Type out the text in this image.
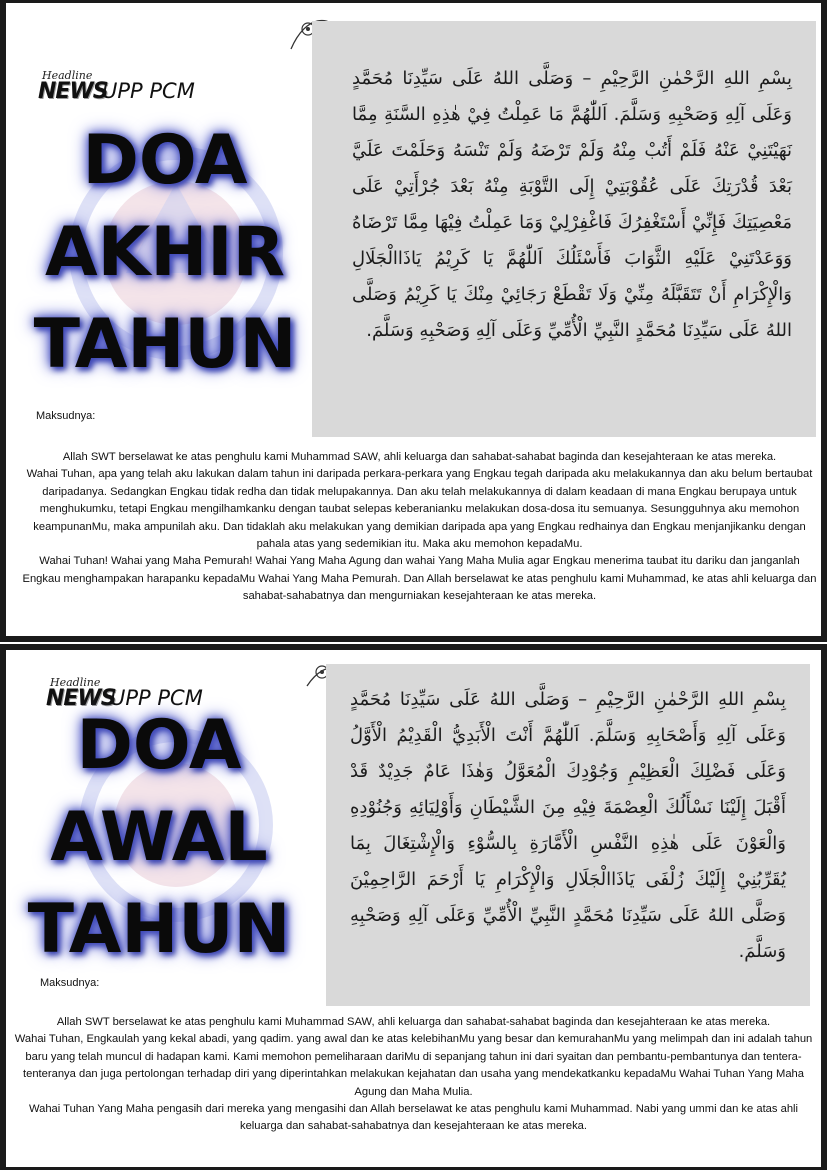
Headline
NEWS
UPP PCM
DOA
AKHIR
TAHUN
بِسْمِ اللهِ الرَّحْمٰنِ الرَّحِيْمِ – وَصَلَّى اللهُ عَلَى سَيِّدِنَا مُحَمَّدٍ وَعَلَى آلِهِ وَصَحْبِهِ وَسَلَّمَ. اَللّٰهُمَّ مَا عَمِلْتُ فِيْ هٰذِهِ السَّنَةِ مِمَّا نَهَيْتَنِيْ عَنْهُ فَلَمْ أَتُبْ مِنْهُ وَلَمْ تَرْضَهُ وَلَمْ تَنْسَهُ وَحَلَمْتَ عَلَيَّ بَعْدَ قُدْرَتِكَ عَلَى عُقُوْبَتِيْ إِلَى التَّوْبَةِ مِنْهُ بَعْدَ جُرْأَتِيْ عَلَى مَعْصِيَتِكَ فَإِنِّيْ أَسْتَغْفِرُكَ فَاغْفِرْلِيْ وَمَا عَمِلْتُ فِيْهَا مِمَّا تَرْضَاهُ وَوَعَدْتَنِيْ عَلَيْهِ الثَّوَابَ فَأَسْئَلُكَ اَللّٰهُمَّ يَا كَرِيْمُ يَاذَاالْجَلَالِ وَالْإِكْرَامِ أَنْ تَتَقَبَّلَهُ مِنِّيْ وَلَا تَقْطَعْ رَجَائِيْ مِنْكَ يَا كَرِيْمُ وَصَلَّى اللهُ عَلَى سَيِّدِنَا مُحَمَّدٍ النَّبِيِّ الْأُمِّيِّ وَعَلَى آلِهِ وَصَحْبِهِ وَسَلَّمَ.
Maksudnya:

Allah SWT berselawat ke atas penghulu kami Muhammad SAW, ahli keluarga dan sahabat-sahabat baginda dan kesejahteraan ke atas mereka.

Wahai Tuhan, apa yang telah aku lakukan dalam tahun ini daripada perkara-perkara yang Engkau tegah daripada aku melakukannya dan aku belum bertaubat daripadanya. Sedangkan Engkau tidak redha dan tidak melupakannya. Dan aku telah melakukannya di dalam keadaan di mana Engkau berupaya untuk menghukumku, tetapi Engkau mengilhamkanku dengan taubat selepas keberanianku melakukan dosa-dosa itu semuanya. Sesungguhnya aku memohon keampunanMu, maka ampunilah aku. Dan tidaklah aku melakukan yang demikian daripada apa yang Engkau redhainya dan Engkau menjanjikanku dengan pahala atas yang sedemikian itu. Maka aku memohon kepadaMu.

Wahai Tuhan! Wahai yang Maha Pemurah! Wahai Yang Maha Agung dan wahai Yang Maha Mulia agar Engkau menerima taubat itu dariku dan janganlah Engkau menghampakan harapanku kepadaMu Wahai Yang Maha Pemurah. Dan Allah berselawat ke atas penghulu kami Muhammad, ke atas ahli keluarga dan sahabat-sahabatnya dan mengurniakan kesejahteraan ke atas mereka.

Headline
NEWS
UPP PCM
DOA
AWAL
TAHUN
بِسْمِ اللهِ الرَّحْمٰنِ الرَّحِيْمِ – وَصَلَّى اللهُ عَلَى سَيِّدِنَا مُحَمَّدٍ وَعَلَى آلِهِ وَأَصْحَابِهِ وَسَلَّمَ. اَللّٰهُمَّ أَنْتَ الْأَبَدِيُّ الْقَدِيْمُ الْأَوَّلُ وَعَلَى فَضْلِكَ الْعَظِيْمِ وَجُوْدِكَ الْمُعَوَّلُ وَهٰذَا عَامٌ جَدِيْدٌ قَدْ أَقْبَلَ إِلَيْنَا نَسْأَلُكَ الْعِصْمَةَ فِيْهِ مِنَ الشَّيْطَانِ وَأَوْلِيَائِهِ وَجُنُوْدِهِ وَالْعَوْنَ عَلَى هٰذِهِ النَّفْسِ الْأَمَّارَةِ بِالسُّوْءِ وَالْإِشْتِغَالَ بِمَا يُقَرِّبُنِيْ إِلَيْكَ زُلْفَى يَاذَاالْجَلَالِ وَالْإِكْرَامِ يَا أَرْحَمَ الرَّاحِمِيْنَ وَصَلَّى اللهُ عَلَى سَيِّدِنَا مُحَمَّدٍ النَّبِيِّ الْأُمِّيِّ وَعَلَى آلِهِ وَصَحْبِهِ وَسَلَّمَ.
Maksudnya:

Allah SWT berselawat ke atas penghulu kami Muhammad SAW, ahli keluarga dan sahabat-sahabat baginda dan kesejahteraan ke atas mereka.

Wahai Tuhan, Engkaulah yang kekal abadi, yang qadim. yang awal dan ke atas kelebihanMu yang besar dan kemurahanMu yang melimpah dan ini adalah tahun baru yang telah muncul di hadapan kami. Kami memohon pemeliharaan dariMu di sepanjang tahun ini dari syaitan dan pembantu-pembantunya dan tentera-tenteranya dan juga pertolongan terhadap diri yang diperintahkan melakukan kejahatan dan usaha yang mendekatkanku kepadaMu Wahai Tuhan Yang Maha Agung dan Maha Mulia.

Wahai Tuhan Yang Maha pengasih dari mereka yang mengasihi dan Allah berselawat ke atas penghulu kami Muhammad. Nabi yang ummi dan ke atas ahli keluarga dan sahabat-sahabatnya dan kesejahteraan ke atas mereka.
